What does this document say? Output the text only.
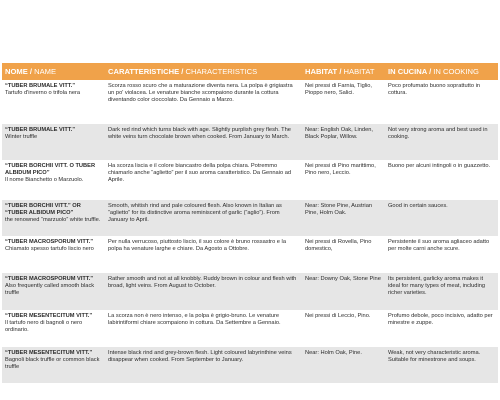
NOME / NAME	CARATTERISTICHE / CHARACTERISTICS	HABITAT / HABITAT	IN CUCINA / IN COOKING

“TUBER BRUMALE VITT.”
Tartufo d'inverno o trifola nera	Scorza rosso scuro che a maturazione diventa nera. La polpa è grigiastra un po' violacea. Le venature bianche scompaiono durante la cottura diventando color cioccolato. Da Gennaio a Marzo.	Nei pressi di Farnia, Tiglio, Pioppo nero, Salici.	Poco profumato buono soprattutto in cottura.

“TUBER BRUMALE VITT.”
Winter truffle	Dark red rind which turns black with age. Slightly purplish grey flesh. The white veins turn chocolate brown when cooked. From January to March.	Near: English Oak, Linden, Black Poplar, Willow.	Not very strong aroma and best used in cooking.

“TUBER BORCHII VITT. O TUBER ALBIDUM PICO”
Il nome Bianchetto o Marzuolo.	Ha scorza liscia e il colore biancastro della polpa chiara. Potremmo chiamarlo anche “aglietto” per il suo aroma caratteristico. Da Gennaio ad Aprile.	Nei pressi di Pino marittimo, Pino nero, Leccio.	Buono per alcuni intingoli o in guazzetto.

“TUBER BORCHII VITT.” OR “TUBER ALBIDUM PICO”
the renowned “marzuolo” white truffle.	Smooth, whitish rind and pale coloured flesh. Also known in Italian as “aglietto” for its distinctive aroma reminiscent of garlic (“aglio”). From January to April.	Near: Stone Pine, Austrian Pine, Holm Oak.	Good in certain sauces.

“TUBER MACROSPORUM VITT.”
Chiamato spesso tartufo liscio nero	Per nulla verrucoso, piuttosto liscio, il suo colore è bruno rossastro e la polpa ha venature larghe e chiare. Da Agosto a Ottobre.	Nei pressi di Rovella, Pino domestico,	Persistente il suo aroma agliaceo adatto per molte carni anche scure.

“TUBER MACROSPORUM VITT.”
Also frequently called smooth black truffle	Rather smooth and not at all knobbly. Ruddy brown in colour and flesh with broad, light veins. From August to October.	Near: Downy Oak, Stone Pine	Its persistent, garlicky aroma makes it ideal for many types of meat, including richer varieties.

“TUBER MESENTECITUM VITT.”
Il tartufo nero di bagnoli o nero ordinario.	La scorza non è nero intenso, e la polpa è grigio-bruno. Le venature labirintiformi chiare scompaiono in cottura. Da Settembre a Gennaio.	Nei pressi di Leccio, Pino.	Profumo debole, poco incisivo, adatto per minestre e zuppe.

“TUBER MESENTECITUM VITT.”
Bagnoli black truffle or common black truffle	Intense black rind and grey-brown flesh. Light coloured labyrinthine veins disappear when cooked. From September to January.	Near: Holm Oak, Pine.	Weak, not very characteristic aroma. Suitable for minestrone and soups.
